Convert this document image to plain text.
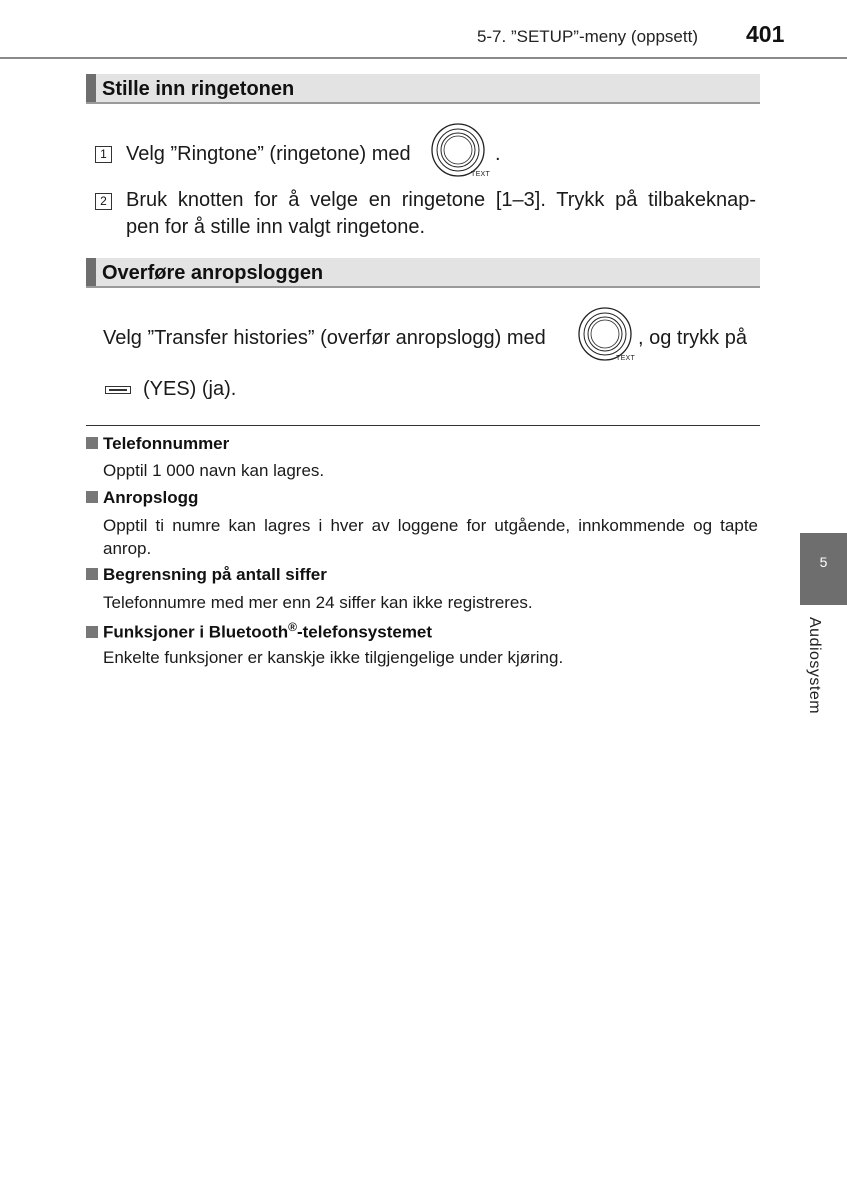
5-7. ”SETUP”-meny (oppsett) 401
Stille inn ringetonen
1 Velg ”Ringtone” (ringetone) med
TEXT
.
2 Bruk knotten for å velge en ringetone [1–3]. Trykk på tilbakeknap-
pen for å stille inn valgt ringetone.
Overføre anropsloggen
Velg ”Transfer histories” (overfør anropslogg) med
TEXT
, og trykk på
(YES) (ja).
Telefonnummer
Opptil 1 000 navn kan lagres.
Anropslogg
Opptil ti numre kan lagres i hver av loggene for utgående, innkommende og tapte anrop.
Begrensning på antall siffer
Telefonnumre med mer enn 24 siffer kan ikke registreres.
Funksjoner i Bluetooth®-telefonsystemet
Enkelte funksjoner er kanskje ikke tilgjengelige under kjøring.
5
Audiosystem
